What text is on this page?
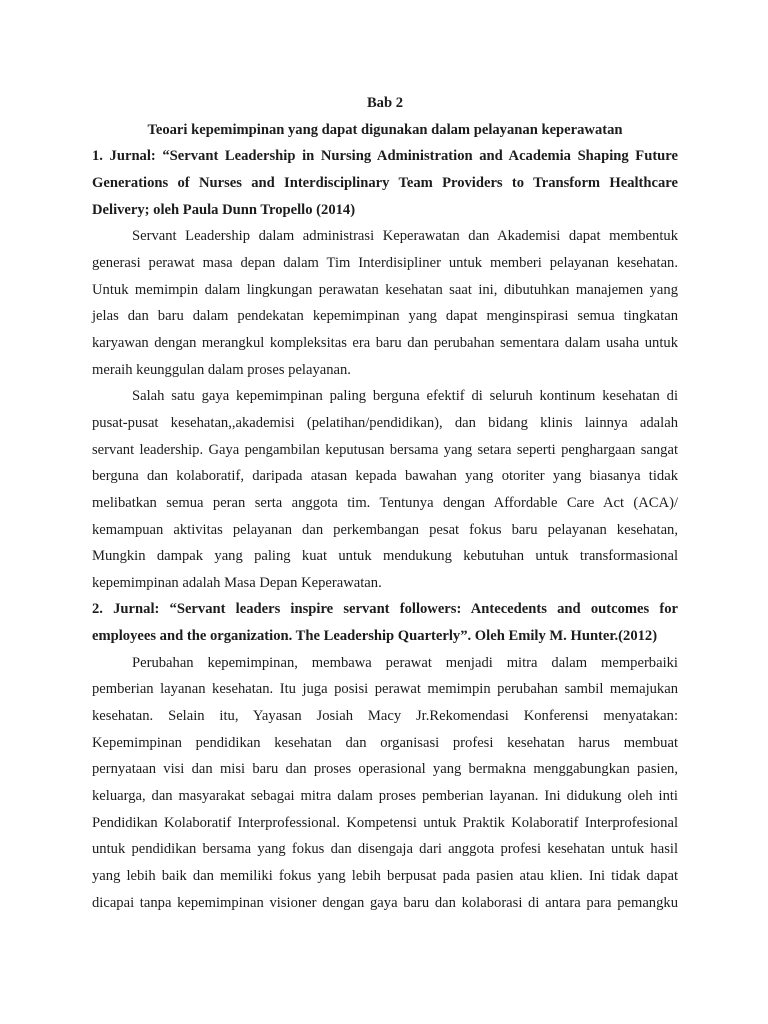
Bab 2
Teoari kepemimpinan yang dapat digunakan dalam pelayanan keperawatan
1. Jurnal: “Servant Leadership in Nursing Administration and Academia Shaping Future
Generations of Nurses and Interdisciplinary Team Providers to Transform Healthcare
Delivery; oleh Paula Dunn Tropello (2014)
Servant Leadership dalam administrasi Keperawatan dan Akademisi dapat membentuk
generasi perawat masa depan dalam Tim Interdisipliner untuk memberi pelayanan kesehatan.
Untuk memimpin dalam lingkungan perawatan kesehatan saat ini, dibutuhkan manajemen yang
jelas dan baru dalam pendekatan kepemimpinan yang dapat menginspirasi semua tingkatan
karyawan dengan merangkul kompleksitas era baru dan perubahan sementara dalam usaha untuk
meraih keunggulan dalam proses pelayanan.
Salah satu gaya kepemimpinan paling berguna efektif di seluruh kontinum kesehatan di
pusat-pusat kesehatan,,akademisi (pelatihan/pendidikan), dan bidang klinis lainnya adalah
servant leadership. Gaya pengambilan keputusan bersama yang setara seperti penghargaan sangat
berguna dan kolaboratif, daripada atasan kepada bawahan yang otoriter yang biasanya tidak
melibatkan semua peran serta anggota tim. Tentunya dengan Affordable Care Act (ACA)/
kemampuan aktivitas pelayanan dan perkembangan pesat fokus baru pelayanan kesehatan,
Mungkin dampak yang paling kuat untuk mendukung kebutuhan untuk transformasional
kepemimpinan adalah Masa Depan Keperawatan.
2. Jurnal: “Servant leaders inspire servant followers: Antecedents and outcomes for
employees and the organization. The Leadership Quarterly”. Oleh Emily M. Hunter.(2012)
Perubahan kepemimpinan, membawa perawat menjadi mitra dalam memperbaiki
pemberian layanan kesehatan. Itu juga posisi perawat memimpin perubahan sambil memajukan
kesehatan. Selain itu, Yayasan Josiah Macy Jr.Rekomendasi Konferensi menyatakan:
Kepemimpinan pendidikan kesehatan dan organisasi profesi kesehatan harus membuat
pernyataan visi dan misi baru dan proses operasional yang bermakna menggabungkan pasien,
keluarga, dan masyarakat sebagai mitra dalam proses pemberian layanan. Ini didukung oleh inti
Pendidikan Kolaboratif Interprofessional. Kompetensi untuk Praktik Kolaboratif Interprofesional
untuk pendidikan bersama yang fokus dan disengaja dari anggota profesi kesehatan untuk hasil
yang lebih baik dan memiliki fokus yang lebih berpusat pada pasien atau klien. Ini tidak dapat
dicapai tanpa kepemimpinan visioner dengan gaya baru dan kolaborasi di antara para pemangku
